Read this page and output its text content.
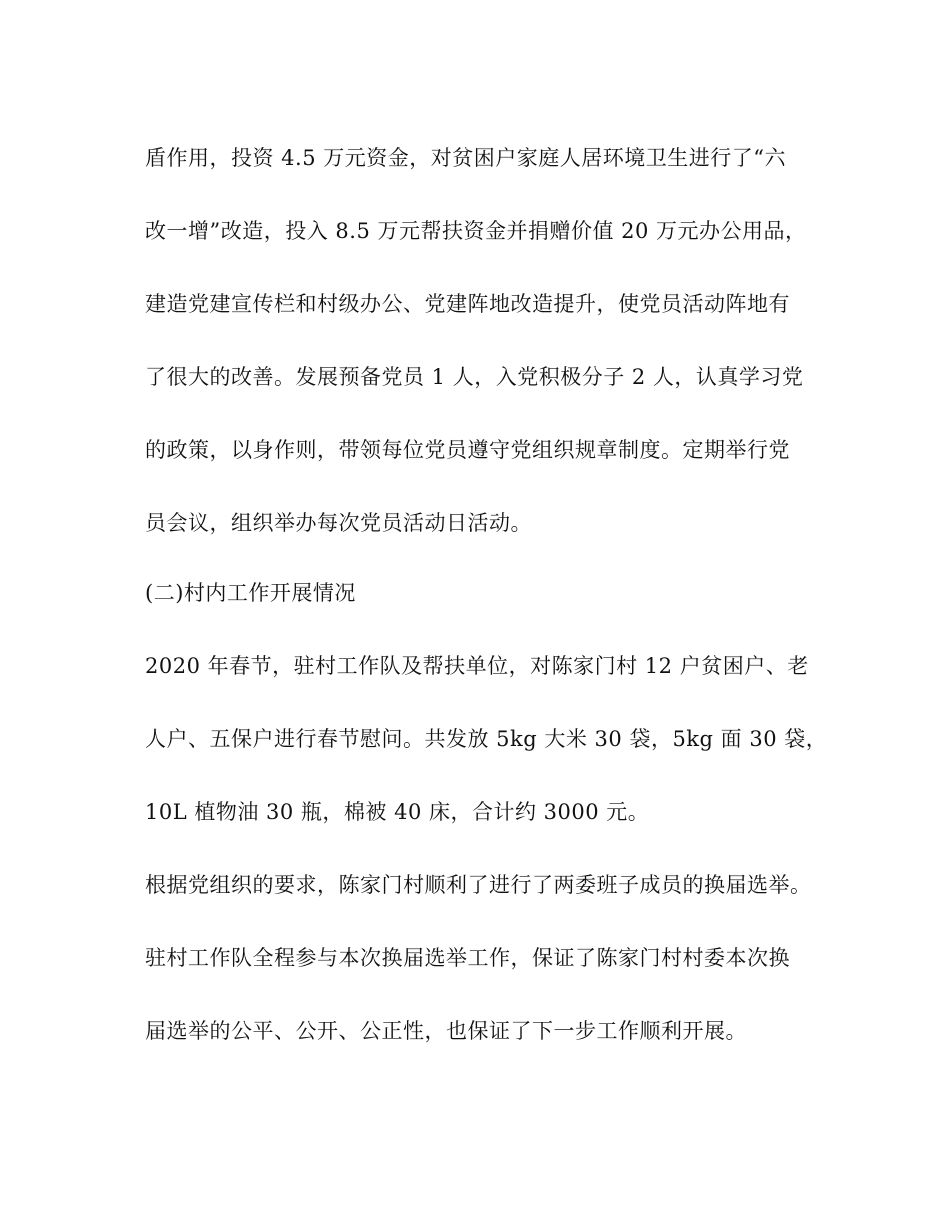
盾作用，投资 4.5 万元资金，对贫困户家庭人居环境卫生进行了“六
改一增”改造，投入 8.5 万元帮扶资金并捐赠价值 20 万元办公用品，
建造党建宣传栏和村级办公、党建阵地改造提升，使党员活动阵地有
了很大的改善。发展预备党员 1 人，入党积极分子 2 人，认真学习党
的政策，以身作则，带领每位党员遵守党组织规章制度。定期举行党
员会议，组织举办每次党员活动日活动。
(二)村内工作开展情况
2020 年春节，驻村工作队及帮扶单位，对陈家门村 12 户贫困户、老
人户、五保户进行春节慰问。共发放 5kg 大米 30 袋，5kg 面 30 袋，
10L 植物油 30 瓶，棉被 40 床，合计约 3000 元。
根据党组织的要求，陈家门村顺利了进行了两委班子成员的换届选举。
驻村工作队全程参与本次换届选举工作，保证了陈家门村村委本次换
届选举的公平、公开、公正性，也保证了下一步工作顺利开展。
